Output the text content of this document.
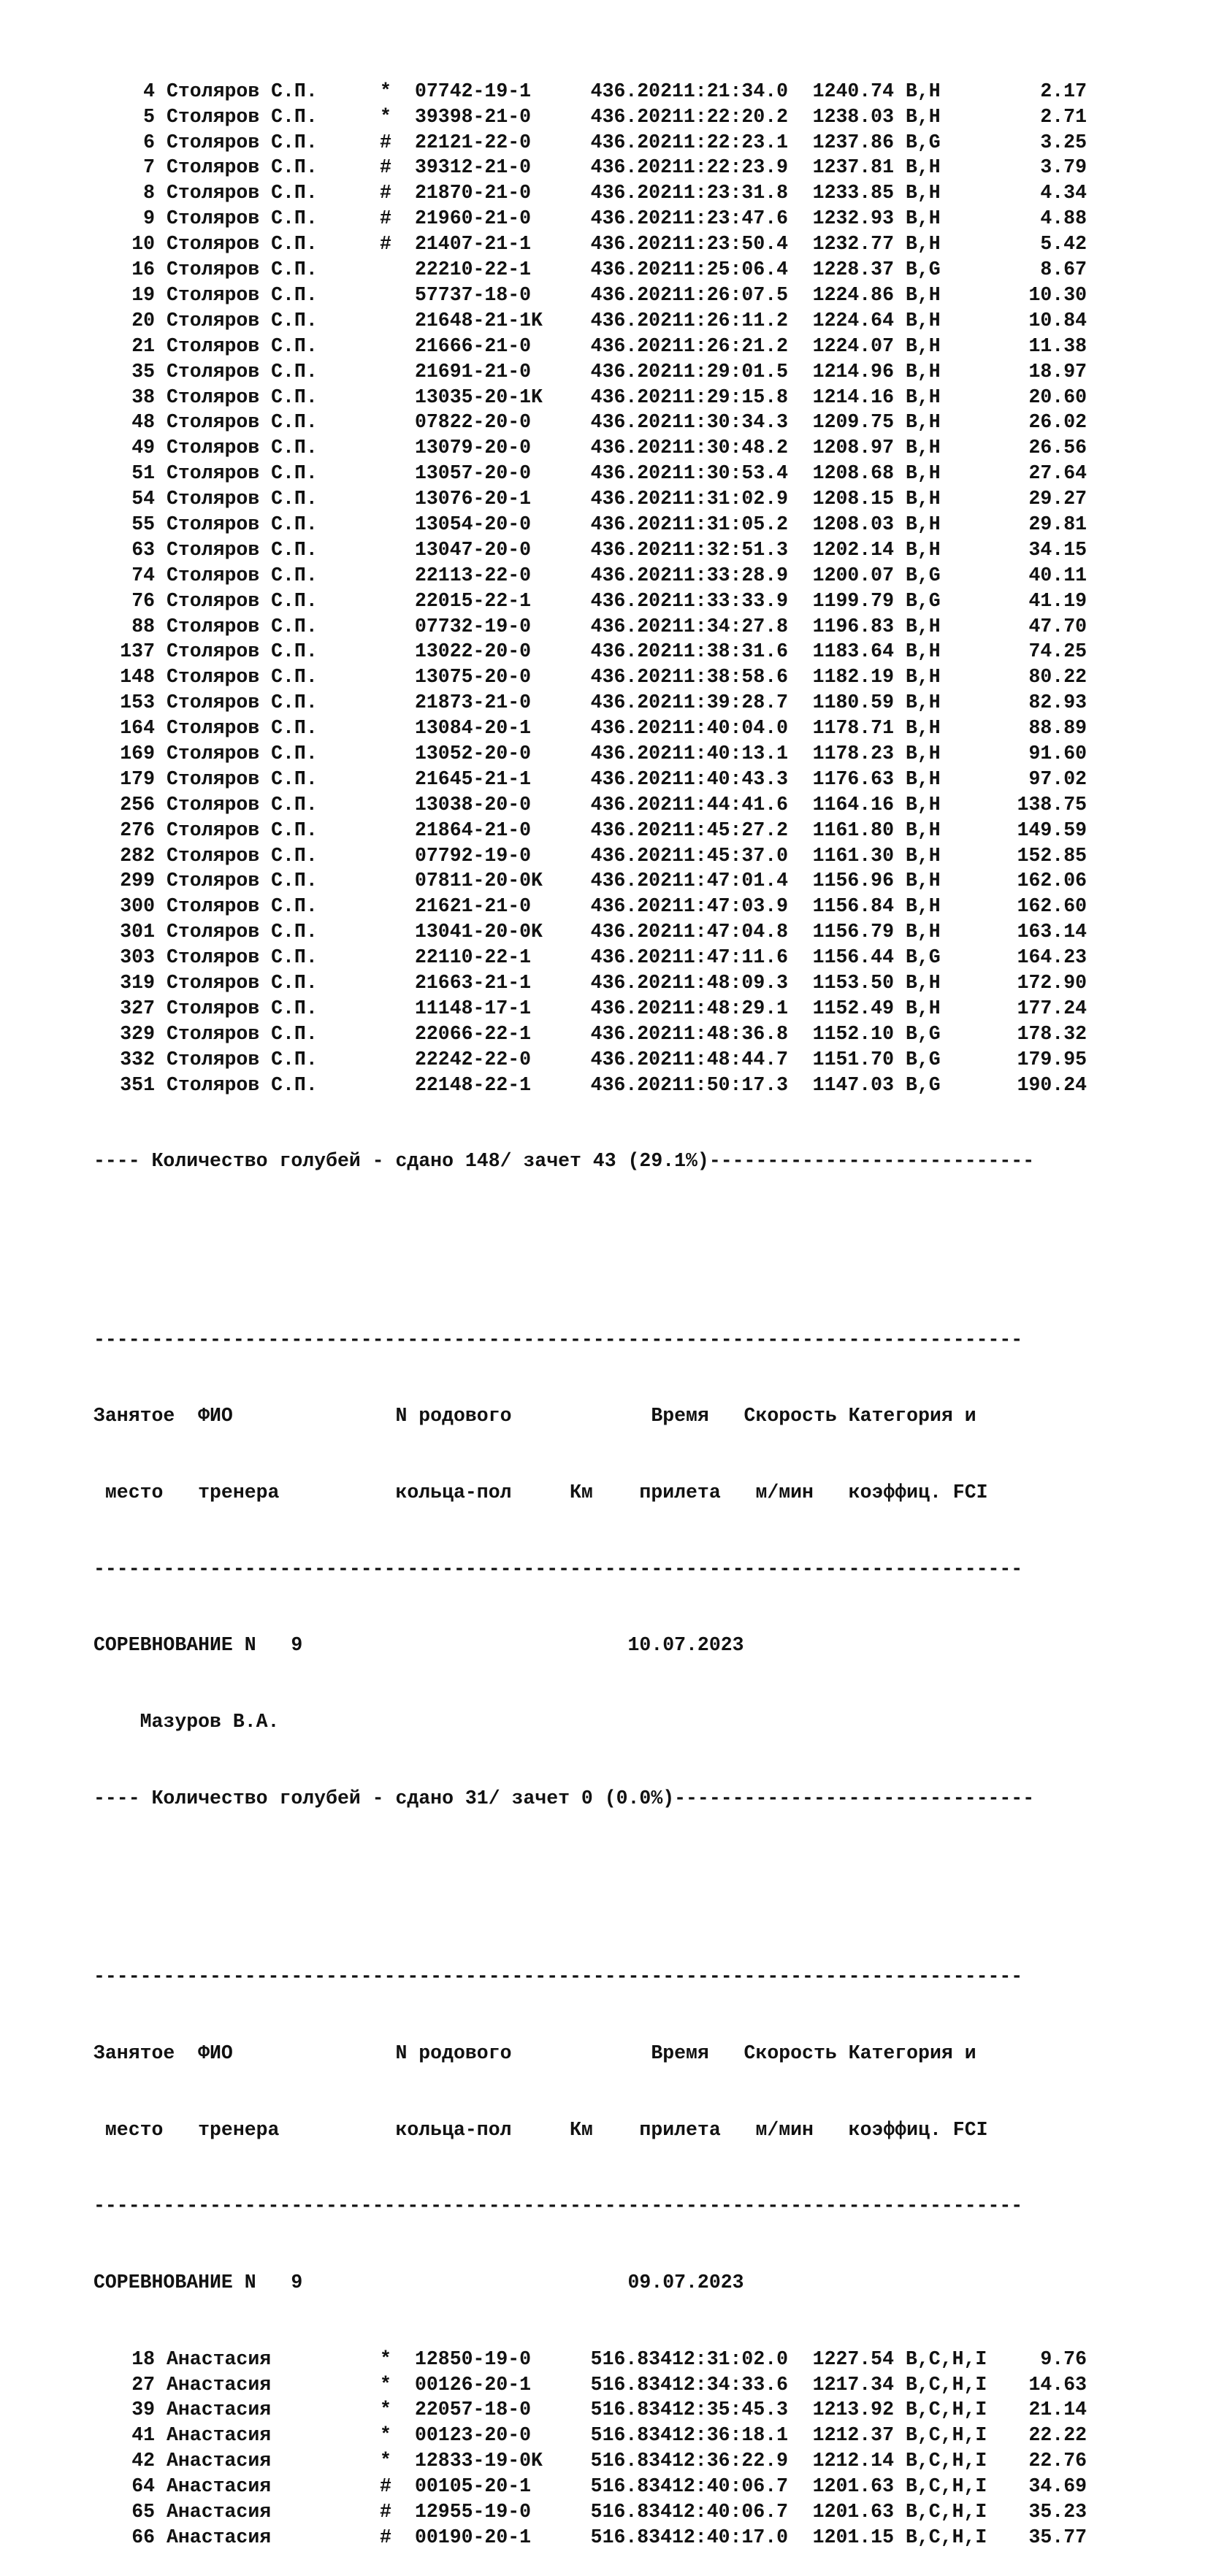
4 Столяров С.П.	* 07742-19-1	436.20211:21:34.0 1240.74 B,H	2.17
5 Столяров С.П.	* 39398-21-0	436.20211:22:20.2 1238.03 B,H	2.71
6 Столяров С.П.	# 22121-22-0	436.20211:22:23.1 1237.86 B,G	3.25
7 Столяров С.П.	# 39312-21-0	436.20211:22:23.9 1237.81 B,H	3.79
8 Столяров С.П.	# 21870-21-0	436.20211:23:31.8 1233.85 B,H	4.34
9 Столяров С.П.	# 21960-21-0	436.20211:23:47.6 1232.93 B,H	4.88
10 Столяров С.П.	# 21407-21-1	436.20211:23:50.4 1232.77 B,H	5.42
16 Столяров С.П.	22210-22-1	436.20211:25:06.4 1228.37 B,G	8.67
19 Столяров С.П.	57737-18-0	436.20211:26:07.5 1224.86 B,H	10.30
20 Столяров С.П.	21648-21-1K 436.20211:26:11.2 1224.64 B,H	10.84
21 Столяров С.П.	21666-21-0	436.20211:26:21.2 1224.07 B,H	11.38
35 Столяров С.П.	21691-21-0	436.20211:29:01.5 1214.96 B,H	18.97
38 Столяров С.П.	13035-20-1K 436.20211:29:15.8 1214.16 B,H	20.60
48 Столяров С.П.	07822-20-0	436.20211:30:34.3 1209.75 B,H	26.02
49 Столяров С.П.	13079-20-0	436.20211:30:48.2 1208.97 B,H	26.56
51 Столяров С.П.	13057-20-0	436.20211:30:53.4 1208.68 B,H	27.64
54 Столяров С.П.	13076-20-1	436.20211:31:02.9 1208.15 B,H	29.27
55 Столяров С.П.	13054-20-0	436.20211:31:05.2 1208.03 B,H	29.81
63 Столяров С.П.	13047-20-0	436.20211:32:51.3 1202.14 B,H	34.15
74 Столяров С.П.	22113-22-0	436.20211:33:28.9 1200.07 B,G	40.11
76 Столяров С.П.	22015-22-1	436.20211:33:33.9 1199.79 B,G	41.19
88 Столяров С.П.	07732-19-0	436.20211:34:27.8 1196.83 B,H	47.70
137 Столяров С.П.	13022-20-0	436.20211:38:31.6 1183.64 B,H	74.25
148 Столяров С.П.	13075-20-0	436.20211:38:58.6 1182.19 B,H	80.22
153 Столяров С.П.	21873-21-0	436.20211:39:28.7 1180.59 B,H	82.93
164 Столяров С.П.	13084-20-1	436.20211:40:04.0 1178.71 B,H	88.89
169 Столяров С.П.	13052-20-0	436.20211:40:13.1 1178.23 B,H	91.60
179 Столяров С.П.	21645-21-1	436.20211:40:43.3 1176.63 B,H	97.02
256 Столяров С.П.	13038-20-0	436.20211:44:41.6 1164.16 B,H	138.75
276 Столяров С.П.	21864-21-0	436.20211:45:27.2 1161.80 B,H	149.59
282 Столяров С.П.	07792-19-0	436.20211:45:37.0 1161.30 B,H	152.85
299 Столяров С.П.	07811-20-0K 436.20211:47:01.4 1156.96 B,H	162.06
300 Столяров С.П.	21621-21-0	436.20211:47:03.9 1156.84 B,H	162.60
301 Столяров С.П.	13041-20-0K 436.20211:47:04.8 1156.79 B,H	163.14
303 Столяров С.П.	22110-22-1	436.20211:47:11.6 1156.44 B,G	164.23
319 Столяров С.П.	21663-21-1	436.20211:48:09.3 1153.50 B,H	172.90
327 Столяров С.П.	11148-17-1	436.20211:48:29.1 1152.49 B,H	177.24
329 Столяров С.П.	22066-22-1	436.20211:48:36.8 1152.10 B,G	178.32
332 Столяров С.П.	22242-22-0	436.20211:48:44.7 1151.70 B,G	179.95
351 Столяров С.П.	22148-22-1	436.20211:50:17.3 1147.03 B,G	190.24

---- Количество голубей - сдано 148/ зачет 43 (29.1%)----------------------------

--------------------------------------------------------------------------------

Занятое  ФИО              N родового            Время   Скорость Категория и

место   тренера          кольца-пол     Км    прилета   м/мин   коэффиц. FCI

--------------------------------------------------------------------------------

СОРЕВНОВАНИЕ N   9                            10.07.2023

Мазуров В.А.

---- Количество голубей - сдано 31/ зачет 0 (0.0%)-------------------------------

--------------------------------------------------------------------------------

Занятое  ФИО              N родового            Время   Скорость Категория и

место   тренера          кольца-пол     Км    прилета   м/мин   коэффиц. FCI

--------------------------------------------------------------------------------

СОРЕВНОВАНИЕ N   9                            09.07.2023

18 Анастасия	* 12850-19-0	516.83412:31:02.0 1227.54 B,C,H,I	9.76
27 Анастасия	* 00126-20-1	516.83412:34:33.6 1217.34 B,C,H,I 14.63
39 Анастасия	* 22057-18-0	516.83412:35:45.3 1213.92 B,C,H,I 21.14
41 Анастасия	* 00123-20-0	516.83412:36:18.1 1212.37 B,C,H,I 22.22
42 Анастасия	* 12833-19-0K 516.83412:36:22.9 1212.14 B,C,H,I 22.76
64 Анастасия	# 00105-20-1	516.83412:40:06.7 1201.63 B,C,H,I 34.69
65 Анастасия	# 12955-19-0	516.83412:40:06.7 1201.63 B,C,H,I 35.23
66 Анастасия	# 00190-20-1	516.83412:40:17.0 1201.15 B,C,H,I 35.77
